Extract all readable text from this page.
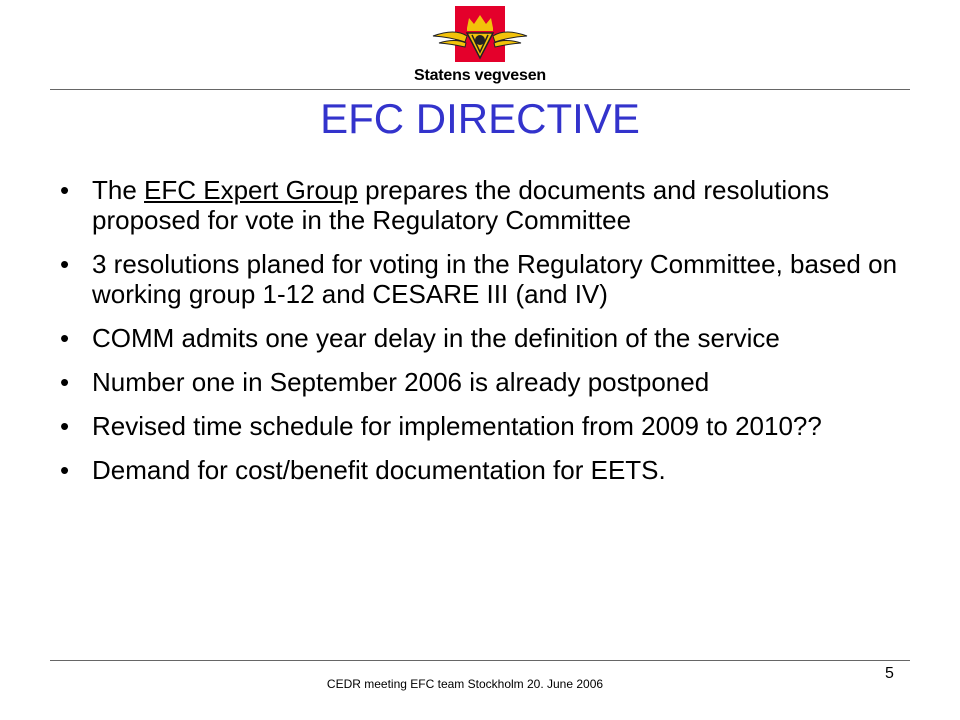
Statens vegvesen
EFC DIRECTIVE
• The EFC Expert Group prepares the documents and resolutions proposed for vote in the Regulatory Committee
• 3 resolutions planed for voting in the Regulatory Committee, based on working group 1-12 and CESARE III (and IV)
• COMM admits one year delay in the definition of the service
• Number one in September 2006 is already postponed
• Revised time schedule for implementation from 2009 to 2010??
• Demand for cost/benefit documentation for EETS.
CEDR meeting EFC team Stockholm 20. June 2006
5
